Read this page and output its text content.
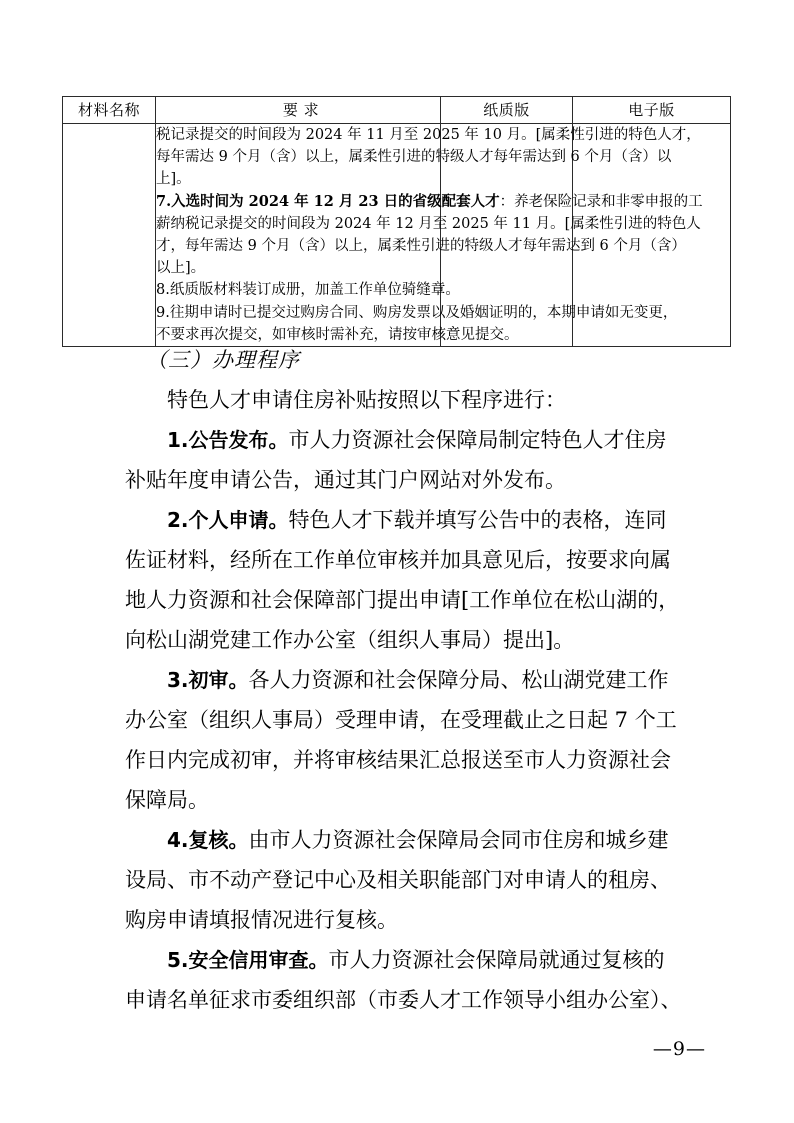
材料名称	要 求	纸质版	电子版

税记录提交的时间段为 2024 年 11 月至 2025 年 10 月。[属柔性引进的特色人才，
每年需达 9 个月（含）以上，属柔性引进的特级人才每年需达到 6 个月（含）以
上]。
7.入选时间为 2024 年 12 月 23 日的省级配套人才：养老保险记录和非零申报的工
薪纳税记录提交的时间段为 2024 年 12 月至 2025 年 11 月。[属柔性引进的特色人
才，每年需达 9 个月（含）以上，属柔性引进的特级人才每年需达到 6 个月（含）
以上]。
8.纸质版材料装订成册，加盖工作单位骑缝章。
9.往期申请时已提交过购房合同、购房发票以及婚姻证明的，本期申请如无变更，
不要求再次提交，如审核时需补充，请按审核意见提交。

（三）办理程序

特色人才申请住房补贴按照以下程序进行：

1.公告发布。市人力资源社会保障局制定特色人才住房
补贴年度申请公告，通过其门户网站对外发布。

2.个人申请。特色人才下载并填写公告中的表格，连同
佐证材料，经所在工作单位审核并加具意见后，按要求向属
地人力资源和社会保障部门提出申请[工作单位在松山湖的，
向松山湖党建工作办公室（组织人事局）提出]。

3.初审。各人力资源和社会保障分局、松山湖党建工作
办公室（组织人事局）受理申请，在受理截止之日起 7 个工
作日内完成初审，并将审核结果汇总报送至市人力资源社会
保障局。

4.复核。由市人力资源社会保障局会同市住房和城乡建
设局、市不动产登记中心及相关职能部门对申请人的租房、
购房申请填报情况进行复核。

5.安全信用审查。市人力资源社会保障局就通过复核的
申请名单征求市委组织部（市委人才工作领导小组办公室）、

—9—
